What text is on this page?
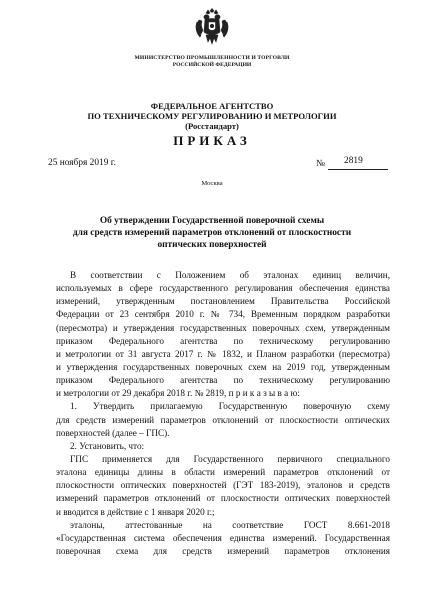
МИНИСТЕРСТВО ПРОМЫШЛЕННОСТИ И ТОРГОВЛИ
РОССИЙСКОЙ ФЕДЕРАЦИИ
ФЕДЕРАЛЬНОЕ АГЕНТСТВО
ПО ТЕХНИЧЕСКОМУ РЕГУЛИРОВАНИЮ И МЕТРОЛОГИИ
(Росстандарт)
ПРИКАЗ
25 ноября 2019 г.	№ 2819
Москва
Об утверждении Государственной поверочной схемы
для средств измерений параметров отклонений от плоскостности
оптических поверхностей
В соответствии с Положением об эталонах единиц величин,
используемых в сфере государственного регулирования обеспечения единства
измерений, утвержденным постановлением Правительства Российской
Федерации от 23 сентября 2010 г. № 734, Временным порядком разработки
(пересмотра) и утверждения государственных поверочных схем, утвержденным
приказом Федерального агентства по техническому регулированию
и метрологии от 31 августа 2017 г. № 1832, и Планом разработки (пересмотра)
и утверждения государственных поверочных схем на 2019 год, утвержденным
приказом Федерального агентства по техническому регулированию
и метрологии от 29 декабря 2018 г. № 2819, п р и к а з ы в а ю:
1. Утвердить прилагаемую Государственную поверочную схему
для средств измерений параметров отклонений от плоскостности оптических
поверхностей (далее – ГПС).
2. Установить, что:
ГПС применяется для Государственного первичного специального
эталона единицы длины в области измерений параметров отклонений от
плоскостности оптических поверхностей (ГЭТ 183-2019), эталонов и средств
измерений параметров отклонений от плоскостности оптических поверхностей
и вводится в действие с 1 января 2020 г.;
эталоны, аттестованные на соответствие ГОСТ 8.661-2018
«Государственная система обеспечения единства измерений. Государственная
поверочная схема для средств измерений параметров отклонения
